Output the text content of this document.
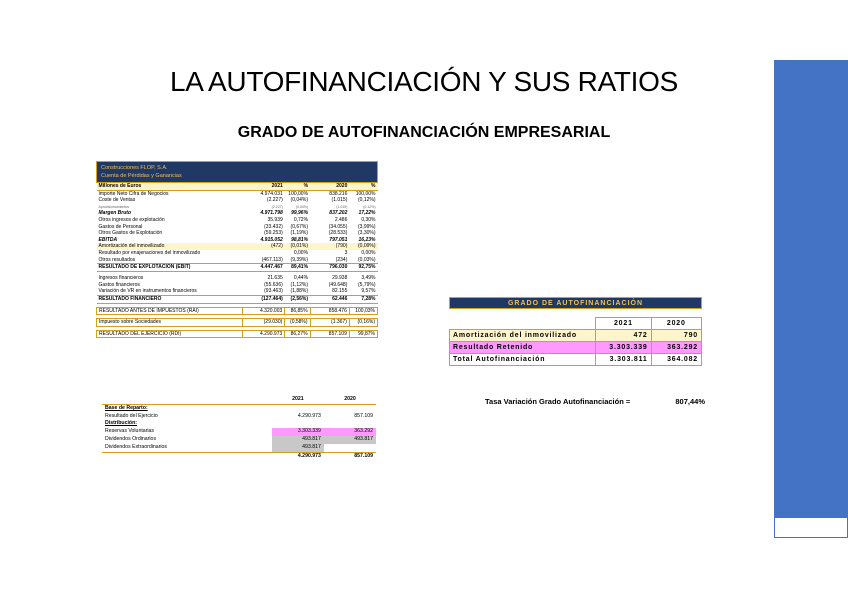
LA AUTOFINANCIACIÓN Y SUS RATIOS
GRADO DE AUTOFINANCIACIÓN EMPRESARIAL
Construcciones FLOP, S.A.
Cuenta de Pérdidas y Ganancias
Millones de Euros	2021	%	2020	%
Importe Neto Cifra de Negocios	4.974.031	100,00%	838.216	100,00%
Coste de Ventas	(2.227)	(0,04%)	(1.015)	(0,12%)
Aprovisionamientos	(2.227)	(0,04%)	(1.015)	(0,12%)
Margen Bruto	4.971.798	99,96%	837.202	17,22%
Otros ingresos de explotación	35.939	0,72%	2.486	0,30%
Gastos de Personal	(33.432)	(0,67%)	(34.055)	(3,99%)
Otros Gastos de Explotación	(59.253)	(1,19%)	(28.533)	(3,30%)
EBITDA	4.915.052	98,81%	797.051	16,23%
Amortización del inmovilizado	(472)	(0,01%)	(790)	(0,09%)
Resultado por enajenaciones del inmovilizado		0,00%	3	0,00%
Otros resultados	(467.113)	(9,39%)	(234)	(0,03%)
RESULTADO DE EXPLOTACIÓN (EBIT)	4.447.467	89,41%	796.030	92,75%

Ingresos financieros	21.635	0,44%	29.938	3,49%
Gastos financieros	(55.636)	(1,12%)	(49.648)	(5,79%)
Variación de VR en instrumentos financieros	(93.463)	(1,88%)	82.155	9,57%
RESULTADO FINANCIERO	(127.464)	(2,56%)	62.446	7,28%

RESULTADO ANTES DE IMPUESTOS (RAI)	4.320.003	86,85%	858.476	100,03%

Impuesto sobre Sociedades	(29.030)	(0,58%)	(1.367)	(0,16%)

RESULTADO DEL EJERCICIO (RDI)	4.290.973	86,27%	857.109	99,87%
GRADO DE AUTOFINANCIACIÓN
	2021	2020
Amortización del inmovilizado	472	790
Resultado Retenido	3.303.339	363.292
Total Autofinanciación	3.303.811	364.082
Tasa Variación Grado Autofinanciación =	807,44%
	2021	2020
Base de Reparto:		
Resultado del Ejercicio	4.290.973	857.109
Distribución:		
Reservas Voluntarias	3.303.339	363.292
Dividendos Ordinarios	493.817	493.817
Dividendos Extraordinarios	493.817	
	4.290.973	857.109
